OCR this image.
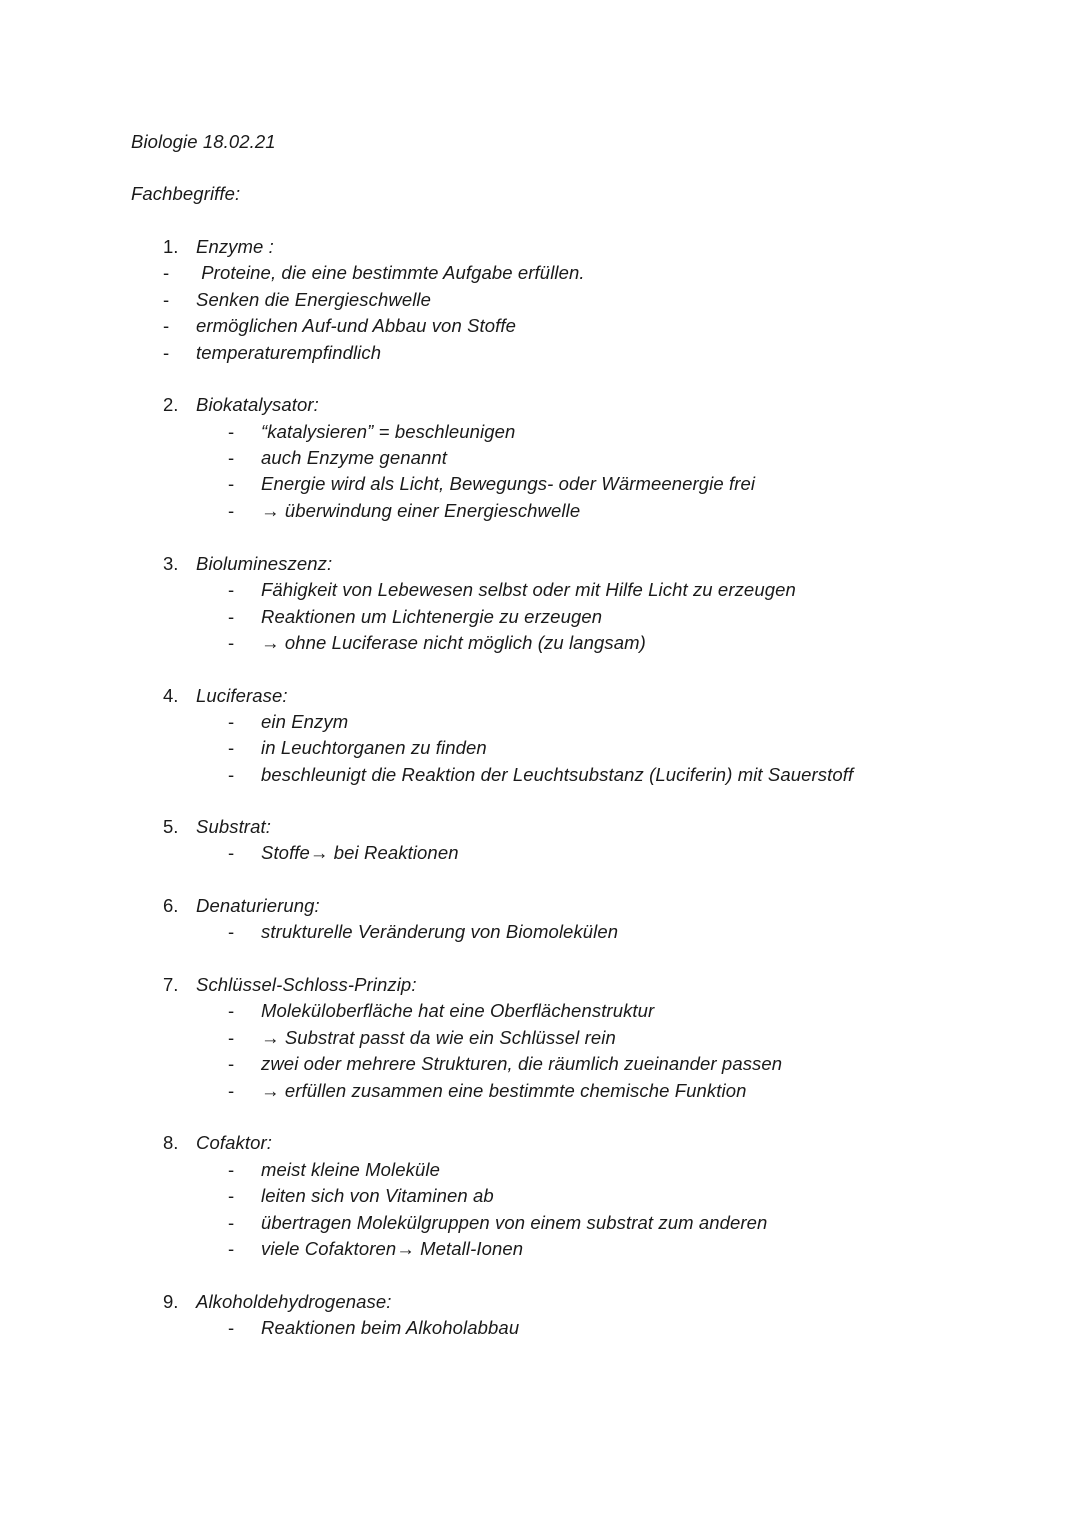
Biologie 18.02.21
Fachbegriffe:
1. Enzyme :
- Proteine, die eine bestimmte Aufgabe erfüllen.
- Senken die Energieschwelle
- ermöglichen Auf-und Abbau von Stoffe
- temperaturempfindlich
2. Biokatalysator:
- “katalysieren” = beschleunigen
- auch Enzyme genannt
- Energie wird als Licht, Bewegungs- oder Wärmeenergie frei
- → überwindung einer Energieschwelle
3. Biolumineszenz:
- Fähigkeit von Lebewesen selbst oder mit Hilfe Licht zu erzeugen
- Reaktionen um Lichtenergie zu erzeugen
- → ohne Luciferase nicht möglich (zu langsam)
4. Luciferase:
- ein Enzym
- in Leuchtorganen zu finden
- beschleunigt die Reaktion der Leuchtsubstanz (Luciferin) mit Sauerstoff
5. Substrat:
- Stoffe→ bei Reaktionen
6. Denaturierung:
- strukturelle Veränderung von Biomolekülen
7. Schlüssel-Schloss-Prinzip:
- Moleküloberfläche hat eine Oberflächenstruktur
- → Substrat passt da wie ein Schlüssel rein
- zwei oder mehrere Strukturen, die räumlich zueinander passen
- → erfüllen zusammen eine bestimmte chemische Funktion
8. Cofaktor:
- meist kleine Moleküle
- leiten sich von Vitaminen ab
- übertragen Molekülgruppen von einem substrat zum anderen
- viele Cofaktoren→ Metall-Ionen
9. Alkoholdehydrogenase:
- Reaktionen beim Alkoholabbau
